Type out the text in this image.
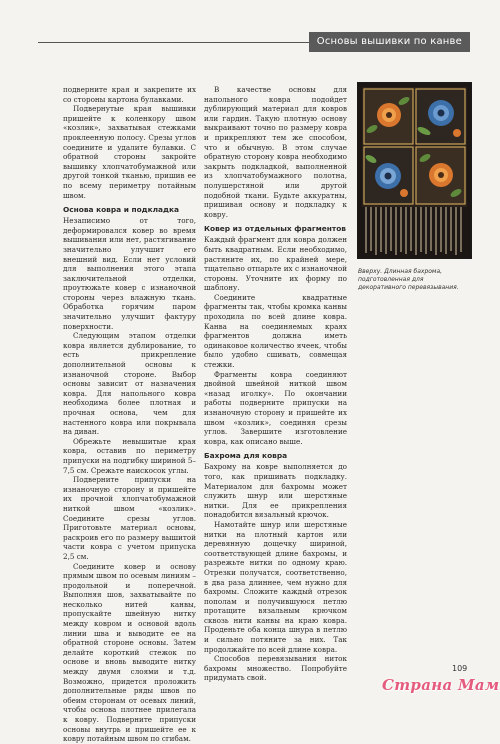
Основы вышивки по канве

подверните края и закрепите их со стороны картона булавками.

Подвернутые края вышивки пришейте к коленкору швом «козлик», захватывая стежками проклеенную полосу. Срезы углов соедините и удалите булавки. С обратной стороны закройте вышивку хлопчатобумажной или другой тонкой тканью, пришив ее по всему периметру потайным швом.

Основа ковра и подкладка

Незаписимо от того, деформировался ковер во время вышивания или нет, растягивание значительно улучшит его внешний вид. Если нет условий для выполнения этого этапа заключительной отделки, проутюжьте ковер с изнаночной стороны через влажную ткань. Обработка горячим паром значительно улучшит фактуру поверхности.

Следующим этапом отделки ковра является дублирование, то есть прикрепление дополнительной основы к изнаночной стороне. Выбор основы зависит от назначения ковра. Для напольного ковра необходима более плотная и прочная основа, чем для настенного ковра или покрывала на диван.

Обрежьте невышитые края ковра, оставив по периметру припуски на подгибку шириной 5–7,5 см. Срежьте наискосок углы.

Подверните припуски на изнаночную сторону и пришейте их прочной хлопчатобумажной ниткой швом «козлик». Соедините срезы углов. Приготовьте материал основы, раскроив его по размеру вышитой части ковра с учетом припуска 2,5 см.

Соедините ковер и основу прямым швом по осевым линиям – продольной и поперечной. Выполняя шов, захватывайте по несколько нитей канвы, пропускайте швейную нитку между ковром и основой вдоль линии шва и выводите ее на обратной стороне основы. Затем делайте короткий стежок по основе и вновь выводите нитку между двумя слоями и т.д. Возможно, придется проложить дополнительные ряды швов по обеим сторонам от осевых линий, чтобы основа плотнее прилегала к ковру. Подверните припуски основы внутрь и пришейте ее к ковру потайным швом по сгибам.

В качестве основы для напольного ковра подойдет дублирующий материал для ковров или гардин. Такую плотную основу выкраивают точно по размеру ковра и прикрепляют тем же способом, что и обычную. В этом случае обратную сторону ковра необходимо закрыть подкладкой, выполненной из хлопчатобумажного полотна, полушерстяной или другой подобной ткани. Будьте аккуратны, пришивая основу и подкладку к ковру.

Ковер из отдельных фрагментов

Каждый фрагмент для ковра должен быть квадратным. Если необходимо, растяните их, по крайней мере, тщательно отпарьте их с изнаночной стороны. Уточните их форму по шаблону.

Соедините квадратные фрагменты так, чтобы кромка канвы проходила по всей длине ковра. Канва на соединяемых краях фрагментов должна иметь одинаковое количество ячеек, чтобы было удобно сшивать, совмещая стежки.

Фрагменты ковра соединяют двойной швейной ниткой швом «назад иголку». По окончании работы подверните припуски на изнаночную сторону и пришейте их швом «козлик», соединяя срезы углов. Завершите изготовление ковра, как описано выше.

Бахрома для ковра

Бахрому на ковре выполняется до того, как пришивать подкладку. Материалом для бахромы может служить шнур или шерстяные нитки. Для ее прикрепления понадобится вязальный крючок.

Намотайте шнур или шерстяные нитки на плотный картон или деревянную дощечку шириной, соответствующей длине бахромы, и разрежьте нитки по одному краю. Отрезки получатся, соответственно, в два раза длиннее, чем нужно для бахромы. Сложите каждый отрезок пополам и получившуюся петлю протащите вязальным крючком сквозь нити канвы на краю ковра. Проденьте оба конца шнура в петлю и сильно потяните за них. Так продолжайте по всей длине ковра.

Способов перевязывания ниток бахромы множество. Попробуйте придумать свой.

Вверху. Длинная бахрома, подготовленная для декоративного перевязывания.
109
Страна Мам
